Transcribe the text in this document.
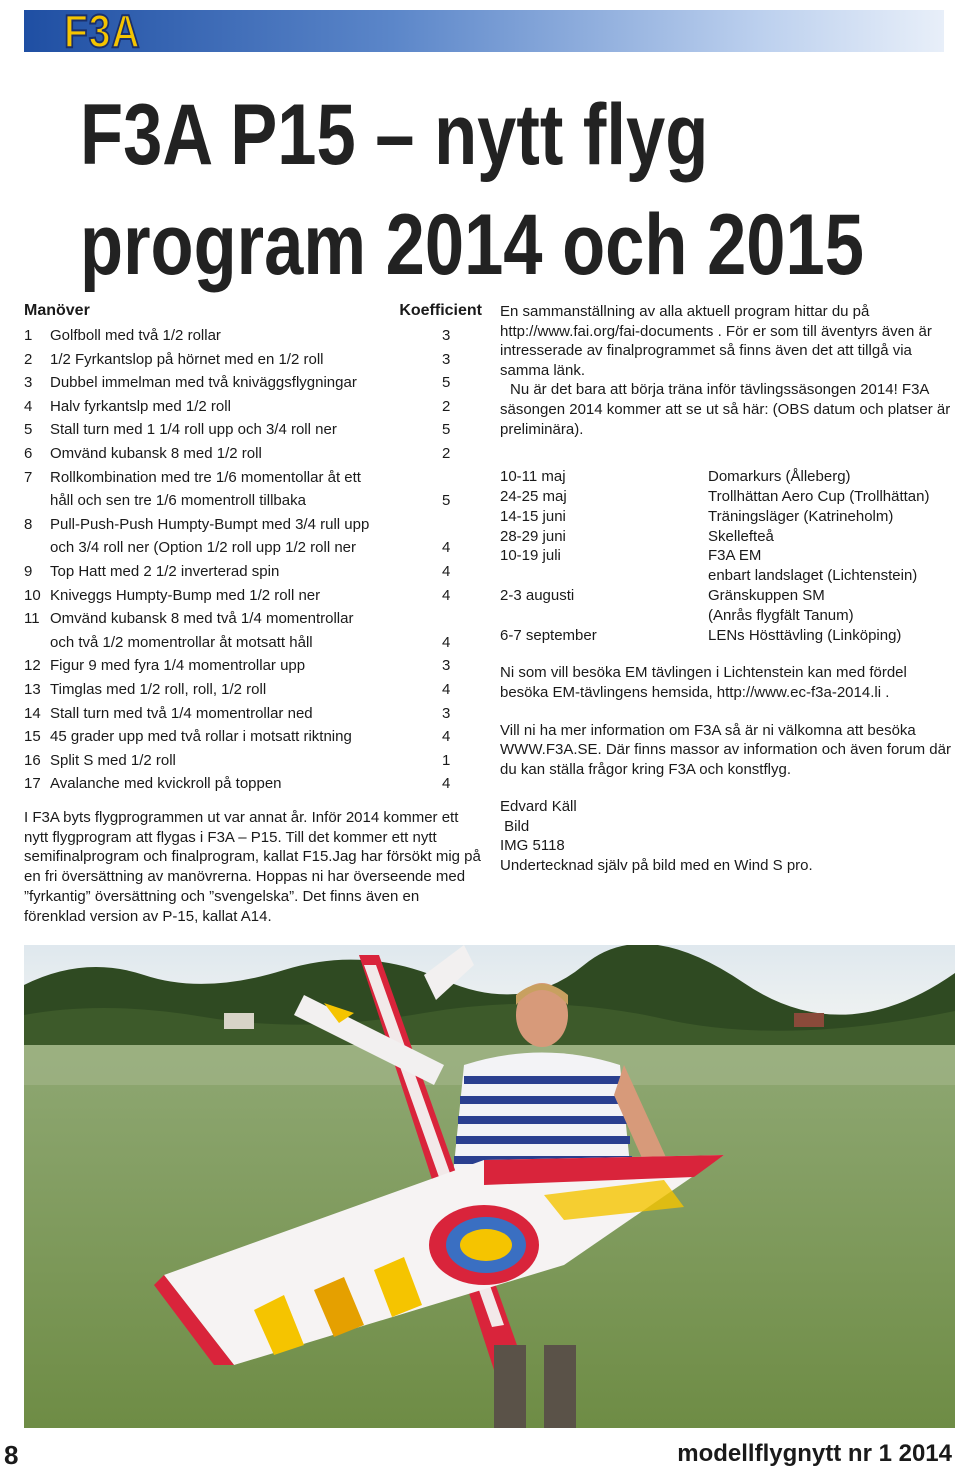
F3A
F3A P15 – nytt flyg
program 2014 och 2015
Manöver	Koefficient
1	Golfboll med två 1/2 rollar	3
2	1/2 Fyrkantslop på hörnet med en 1/2 roll	3
3	Dubbel immelman med två kniväggsflygningar	5
4	Halv fyrkantslp med 1/2 roll	2
5	Stall turn med 1 1/4 roll upp och 3/4 roll ner	5
6	Omvänd kubansk 8 med 1/2 roll	2
7	Rollkombination med tre 1/6 momentollar åt ett
håll och sen tre 1/6 momentroll tillbaka	5
8	Pull-Push-Push Humpty-Bumpt med 3/4 rull upp
och 3/4 roll ner (Option 1/2 roll upp 1/2 roll ner	4
9	Top Hatt med 2 1/2 inverterad spin	4
10 Kniveggs Humpty-Bump med 1/2 roll ner	4
11 Omvänd kubansk 8 med två 1/4 momentrollar
och två 1/2 momentrollar åt motsatt håll	4
12 Figur 9 med fyra 1/4 momentrollar upp	3
13 Timglas med 1/2 roll, roll, 1/2 roll	4
14 Stall turn med två 1/4 momentrollar ned	3
15 45 grader upp med två rollar i motsatt riktning	4
16 Split S med 1/2 roll	1
17 Avalanche med kvickroll på toppen	4

I F3A byts flygprogrammen ut var annat år. Inför 2014 kommer ett nytt flygprogram att flygas i F3A – P15. Till det kommer ett nytt semifinalprogram och finalprogram, kallat F15.Jag har försökt mig på en fri översättning av manövrerna. Hoppas ni har överseende med ”fyrkantig” översättning och ”svengelska”. Det finns även en förenklad version av P-15, kallat A14.

En sammanställning av alla aktuell program hittar du på http://www.fai.org/fai-documents . För er som till äventyrs även är intresserade av finalprogrammet så finns även det att tillgå via samma länk.

Nu är det bara att börja träna inför tävlingssäsongen 2014! F3A säsongen 2014 kommer att se ut så här: (OBS datum och platser är preliminära).

10-11 maj	Domarkurs (Ålleberg)
24-25 maj	Trollhättan Aero Cup (Trollhättan)
14-15 juni	Träningsläger (Katrineholm)
28-29 juni	Skellefteå
10-19 juli	F3A EM
enbart landslaget (Lichtenstein)
2-3 augusti	Gränskuppen SM
(Anrås flygfält Tanum)
6-7 september	LENs Hösttävling (Linköping)

Ni som vill besöka EM tävlingen i Lichtenstein kan med fördel besöka EM-tävlingens hemsida, http://www.ec-f3a-2014.li .

Vill ni ha mer information om F3A så är ni välkomna att besöka WWW.F3A.SE. Där finns massor av information och även forum där du kan ställa frågor kring F3A och konstflyg.

Edvard Käll
Bild
IMG 5118
Undertecknad själv på bild med en Wind S pro.
8	modellflygnytt nr 1 2014
